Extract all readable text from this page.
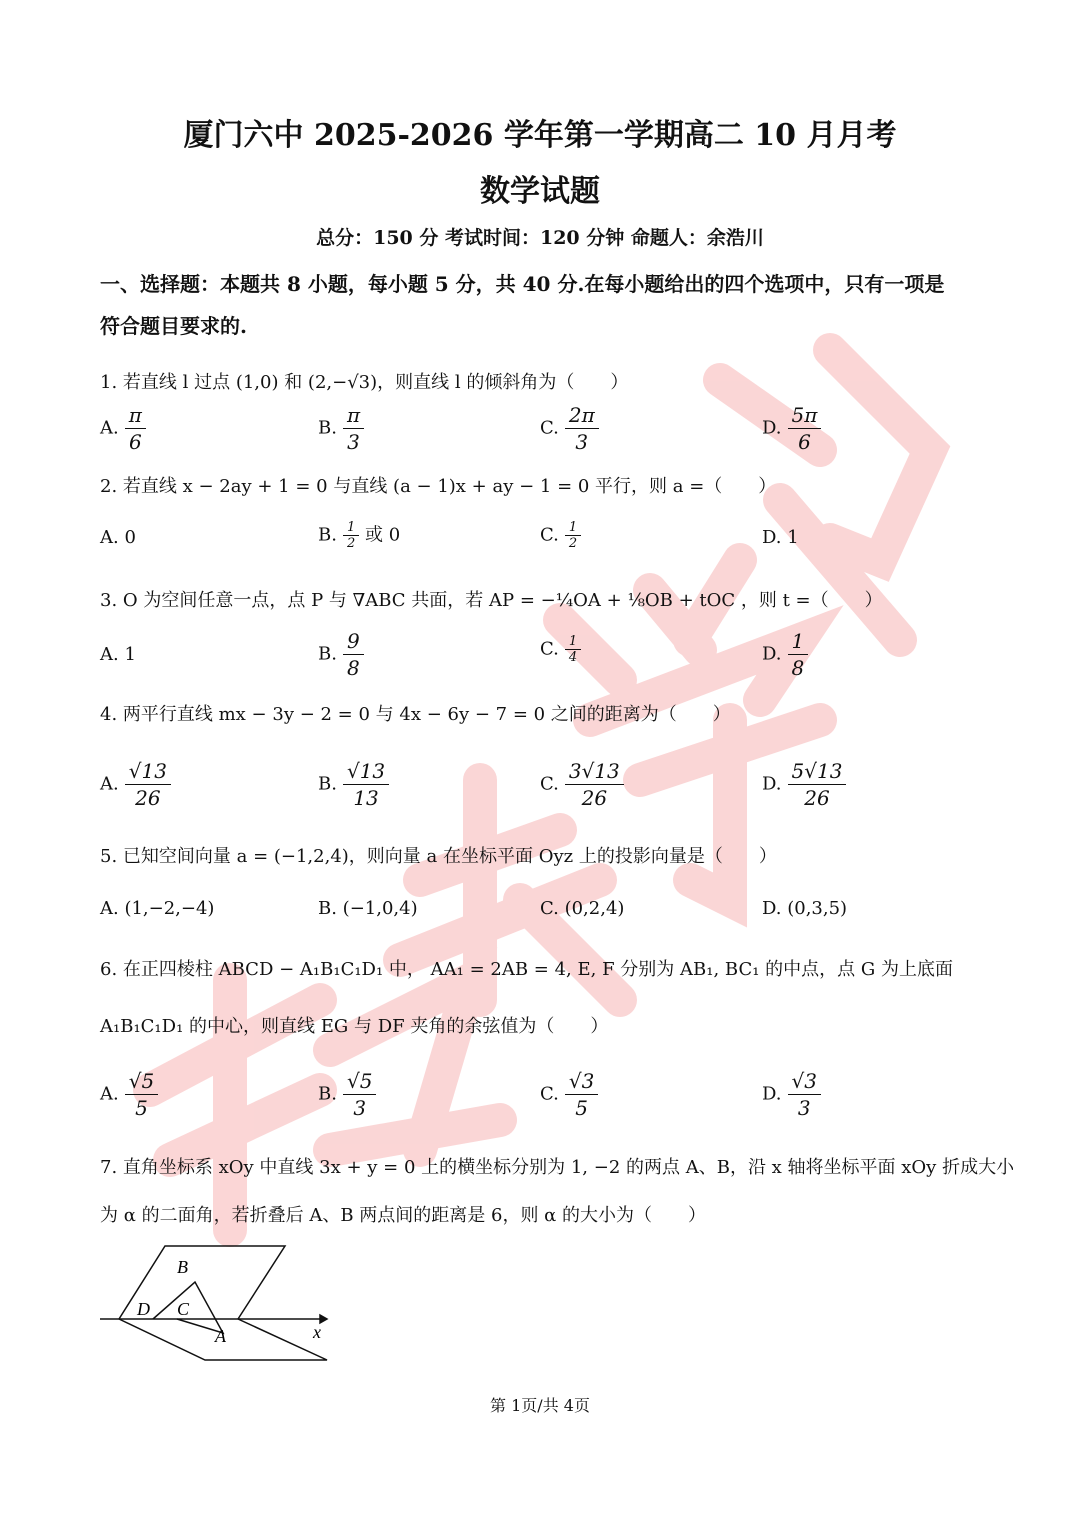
厦门六中 2025-2026 学年第一学期高二 10 月月考
数学试题
总分：150 分 考试时间：120 分钟 命题人：余浩川
一、选择题：本题共 8 小题，每小题 5 分，共 40 分.在每小题给出的四个选项中，只有一项是
符合题目要求的.
1. 若直线 l 过点 (1,0) 和 (2,−√3)，则直线 l 的倾斜角为（　　）
A. $\frac{\pi}{6}$	B. $\frac{\pi}{3}$	C. $\frac{2\pi}{3}$	D. $\frac{5\pi}{6}$
2. 若直线 x − 2ay + 1 = 0 与直线 (a − 1)x + ay − 1 = 0 平行，则 a =（　　）
A. 0	B. $\frac{1}{2}$ 或 0	C. $\frac{1}{2}$	D. 1
3. O 为空间任意一点，点 P 与 ∇ABC 共面，若 AP = −¼OA + ⅛OB + tOC ，则 t =（　　）
A. 1	B. $\frac{9}{8}$	C. $\frac{1}{4}$	D. $\frac{1}{8}$
4. 两平行直线 mx − 3y − 2 = 0 与 4x − 6y − 7 = 0 之间的距离为（　　）
A. $\frac{√13}{26}$	B. $\frac{√13}{13}$	C. $\frac{3√13}{26}$	D. $\frac{5√13}{26}$
5. 已知空间向量 a = (−1,2,4)，则向量 a 在坐标平面 Oyz 上的投影向量是（　　）
A. (1,−2,−4)	B. (−1,0,4)	C. (0,2,4)	D. (0,3,5)
6. 在正四棱柱 ABCD − A₁B₁C₁D₁ 中， AA₁ = 2AB = 4, E, F 分别为 AB₁, BC₁ 的中点，点 G 为上底面
A₁B₁C₁D₁ 的中心，则直线 EG 与 DF 夹角的余弦值为（　　）
A. $\frac{√5}{5}$	B. $\frac{√5}{3}$	C. $\frac{√3}{5}$	D. $\frac{√3}{3}$
7. 直角坐标系 xOy 中直线 3x + y = 0 上的横坐标分别为 1, −2 的两点 A、B，沿 x 轴将坐标平面 xOy 折成大小
为 α 的二面角，若折叠后 A、B 两点间的距离是 6，则 α 的大小为（　　）
B
D C
A	x
第 1页/共 4页
